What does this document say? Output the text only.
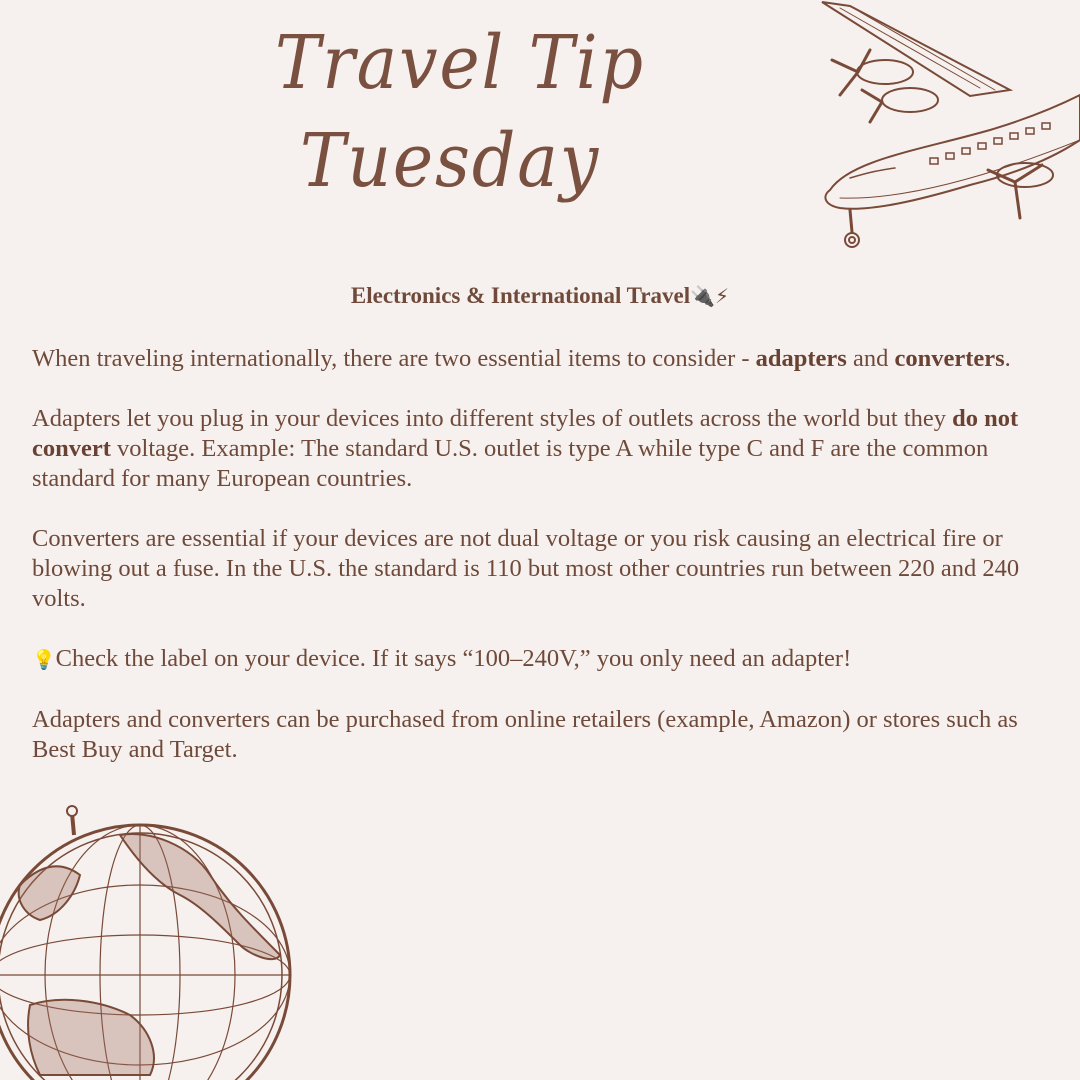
Travel Tip
Tuesday
Electronics & International Travel🔌⚡

When traveling internationally, there are two essential items to consider - adapters and converters.

Adapters let you plug in your devices into different styles of outlets across the world but they do not convert voltage. Example: The standard U.S. outlet is type A while type C and F are the common standard for many European countries.

Converters are essential if your devices are not dual voltage or you risk causing an electrical fire or blowing out a fuse. In the U.S. the standard is 110 but most other countries run between 220 and 240 volts.

💡Check the label on your device. If it says “100–240V,” you only need an adapter!

Adapters and converters can be purchased from online retailers (example, Amazon) or stores such as Best Buy and Target.
